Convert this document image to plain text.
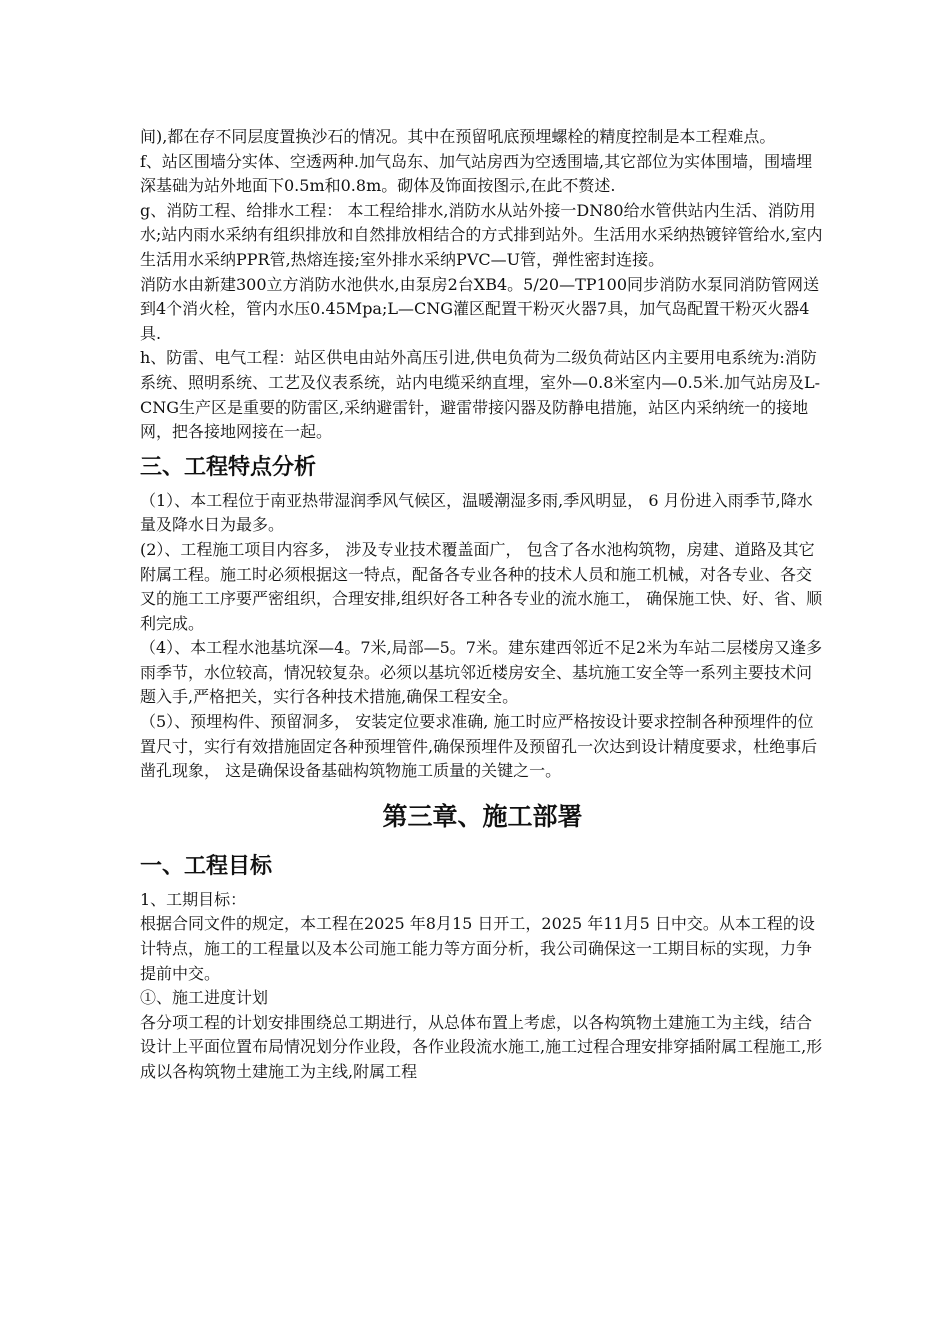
间),都在存不同层度置换沙石的情况。其中在预留吼底预埋螺栓的精度控制是本工程难点。

f、站区围墙分实体、空透两种.加气岛东、加气站房西为空透围墙,其它部位为实体围墙，围墙埋深基础为站外地面下0.5m和0.8m。砌体及饰面按图示,在此不赘述.

g、消防工程、给排水工程： 本工程给排水,消防水从站外接一DN80给水管供站内生活、消防用水;站内雨水采纳有组织排放和自然排放相结合的方式排到站外。生活用水采纳热镀锌管给水,室内生活用水采纳PPR管,热熔连接;室外排水采纳PVC—U管，弹性密封连接。

消防水由新建300立方消防水池供水,由泵房2台XB4。5/20—TP100同步消防水泵同消防管网送到4个消火栓，管内水压0.45Mpa;L—CNG灌区配置干粉灭火器7具，加气岛配置干粉灭火器4具.

h、防雷、电气工程：站区供电由站外高压引进,供电负荷为二级负荷站区内主要用电系统为:消防系统、照明系统、工艺及仪表系统，站内电缆采纳直埋，室外—0.8米室内—0.5米.加气站房及L-CNG生产区是重要的防雷区,采纳避雷针，避雷带接闪器及防静电措施，站区内采纳统一的接地网，把各接地网接在一起。

三、工程特点分析

（1）、本工程位于南亚热带湿润季风气候区，温暖潮湿多雨,季风明显， 6 月份进入雨季节,降水量及降水日为最多。

(2）、工程施工项目内容多， 涉及专业技术覆盖面广， 包含了各水池构筑物，房建、道路及其它附属工程。施工时必须根据这一特点，配备各专业各种的技术人员和施工机械，对各专业、各交叉的施工工序要严密组织，合理安排,组织好各工种各专业的流水施工， 确保施工快、好、省、顺利完成。

（4）、本工程水池基坑深—4。7米,局部—5。7米。建东建西邻近不足2米为车站二层楼房又逢多雨季节，水位较高，情况较复杂。必须以基坑邻近楼房安全、基坑施工安全等一系列主要技术问题入手,严格把关，实行各种技术措施,确保工程安全。

（5）、预埋构件、预留洞多， 安装定位要求准确, 施工时应严格按设计要求控制各种预埋件的位置尺寸，实行有效措施固定各种预埋管件,确保预埋件及预留孔一次达到设计精度要求，杜绝事后凿孔现象， 这是确保设备基础构筑物施工质量的关键之一。

第三章、施工部署
一、工程目标

1、工期目标：

根据合同文件的规定，本工程在2025 年8月15 日开工，2025 年11月5 日中交。从本工程的设计特点，施工的工程量以及本公司施工能力等方面分析，我公司确保这一工期目标的实现，力争提前中交。

①、施工进度计划

各分项工程的计划安排围绕总工期进行，从总体布置上考虑，以各构筑物土建施工为主线，结合设计上平面位置布局情况划分作业段，各作业段流水施工,施工过程合理安排穿插附属工程施工,形成以各构筑物土建施工为主线,附属工程
